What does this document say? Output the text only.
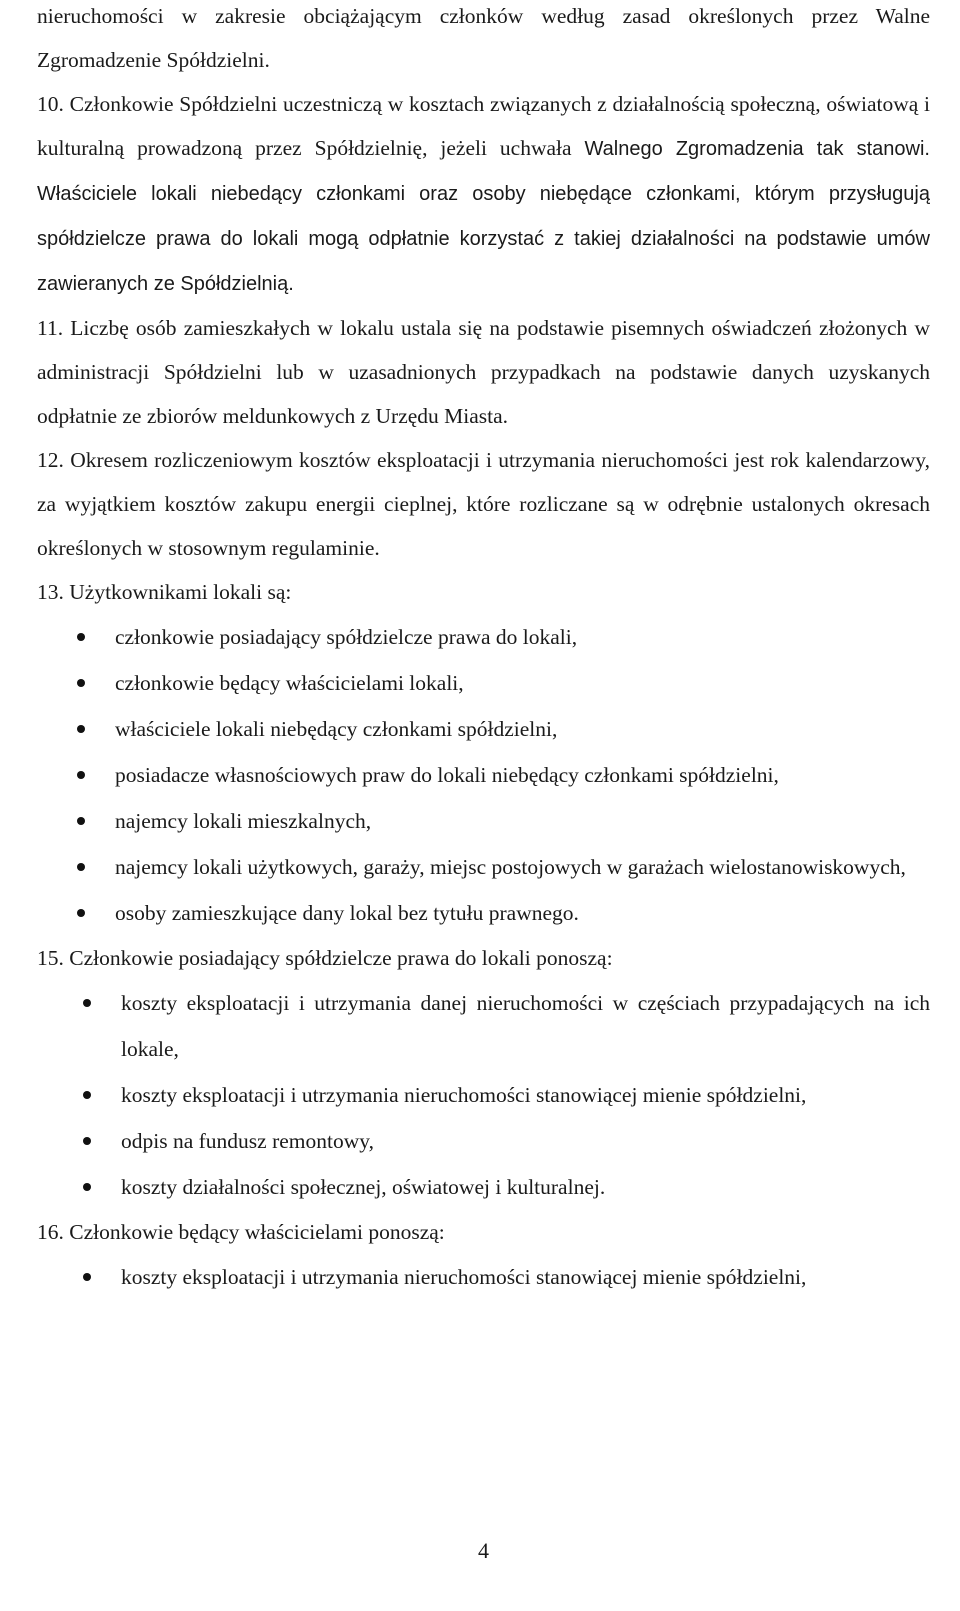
nieruchomości w zakresie obciążającym członków według zasad określonych przez Walne Zgromadzenie Spółdzielni.
10. Członkowie Spółdzielni uczestniczą w kosztach związanych z działalnością społeczną, oświatową i kulturalną prowadzoną przez Spółdzielnię, jeżeli uchwała Walnego Zgromadzenia tak stanowi. Właściciele lokali niebedący członkami oraz osoby niebędące członkami, którym przysługują spółdzielcze prawa do lokali mogą odpłatnie korzystać z takiej działalności na podstawie umów zawieranych ze Spółdzielnią.
11. Liczbę osób zamieszkałych w lokalu ustala się na podstawie pisemnych oświadczeń złożonych w administracji Spółdzielni lub w uzasadnionych przypadkach na podstawie danych uzyskanych odpłatnie ze zbiorów meldunkowych z Urzędu Miasta.
12. Okresem rozliczeniowym kosztów eksploatacji i utrzymania nieruchomości jest rok kalendarzowy, za wyjątkiem kosztów zakupu energii cieplnej, które rozliczane są w odrębnie ustalonych okresach określonych w stosownym regulaminie.
13. Użytkownikami lokali są:
członkowie posiadający spółdzielcze prawa do lokali,
członkowie będący właścicielami lokali,
właściciele lokali niebędący członkami spółdzielni,
posiadacze własnościowych praw do lokali niebędący członkami spółdzielni,
najemcy lokali mieszkalnych,
najemcy lokali użytkowych, garaży, miejsc postojowych w garażach wielostanowiskowych,
osoby zamieszkujące dany lokal bez tytułu prawnego.
15. Członkowie posiadający spółdzielcze prawa do lokali ponoszą:
koszty eksploatacji i utrzymania danej nieruchomości w częściach przypadających na ich lokale,
koszty eksploatacji i utrzymania nieruchomości stanowiącej mienie spółdzielni,
odpis na fundusz remontowy,
koszty działalności społecznej, oświatowej i kulturalnej.
16. Członkowie będący właścicielami ponoszą:
koszty eksploatacji i utrzymania nieruchomości stanowiącej mienie spółdzielni,
4
